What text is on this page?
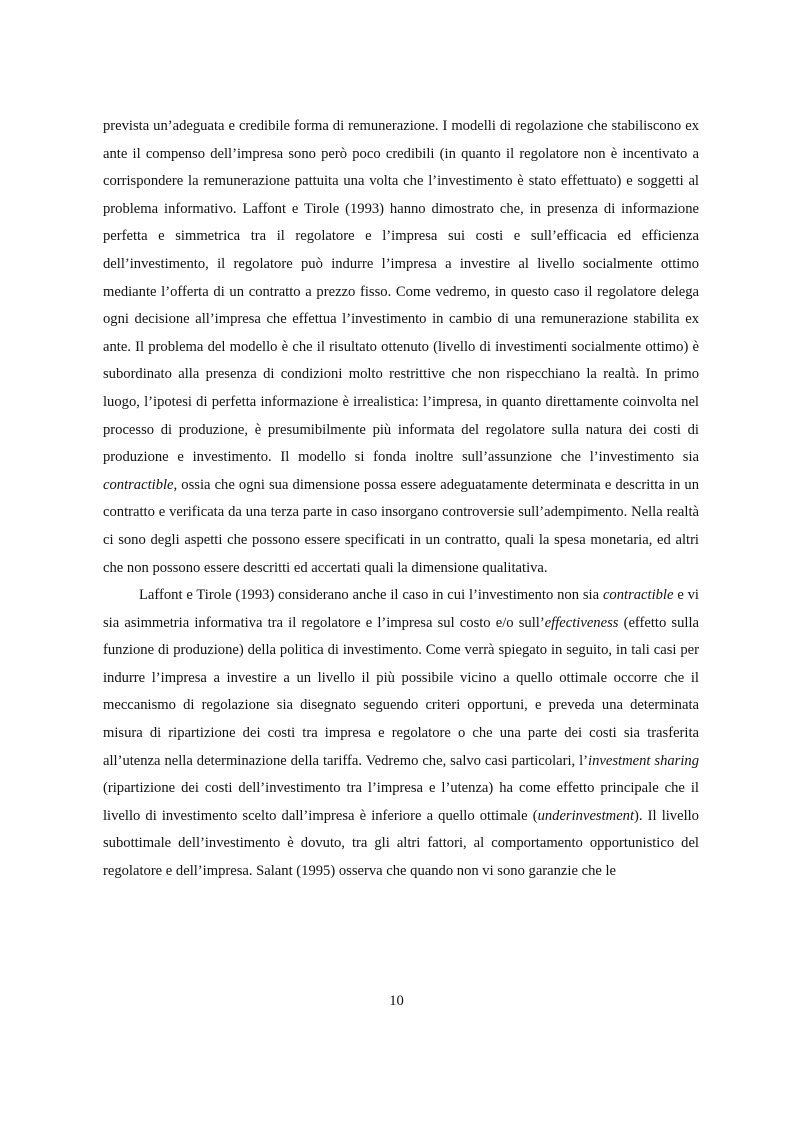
prevista un’adeguata e credibile forma di remunerazione. I modelli di regolazione che stabiliscono ex ante il compenso dell’impresa sono però poco credibili (in quanto il regolatore non è incentivato a corrispondere la remunerazione pattuita una volta che l’investimento è stato effettuato) e soggetti al problema informativo. Laffont e Tirole (1993) hanno dimostrato che, in presenza di informazione perfetta e simmetrica tra il regolatore e l’impresa sui costi e sull’efficacia ed efficienza dell’investimento, il regolatore può indurre l’impresa a investire al livello socialmente ottimo mediante l’offerta di un contratto a prezzo fisso. Come vedremo, in questo caso il regolatore delega ogni decisione all’impresa che effettua l’investimento in cambio di una remunerazione stabilita ex ante. Il problema del modello è che il risultato ottenuto (livello di investimenti socialmente ottimo) è subordinato alla presenza di condizioni molto restrittive che non rispecchiano la realtà. In primo luogo, l’ipotesi di perfetta informazione è irrealistica: l’impresa, in quanto direttamente coinvolta nel processo di produzione, è presumibilmente più informata del regolatore sulla natura dei costi di produzione e investimento. Il modello si fonda inoltre sull’assunzione che l’investimento sia contractible, ossia che ogni sua dimensione possa essere adeguatamente determinata e descritta in un contratto e verificata da una terza parte in caso insorgano controversie sull’adempimento. Nella realtà ci sono degli aspetti che possono essere specificati in un contratto, quali la spesa monetaria, ed altri che non possono essere descritti ed accertati quali la dimensione qualitativa.

Laffont e Tirole (1993) considerano anche il caso in cui l’investimento non sia contractible e vi sia asimmetria informativa tra il regolatore e l’impresa sul costo e/o sull’effectiveness (effetto sulla funzione di produzione) della politica di investimento. Come verrà spiegato in seguito, in tali casi per indurre l’impresa a investire a un livello il più possibile vicino a quello ottimale occorre che il meccanismo di regolazione sia disegnato seguendo criteri opportuni, e preveda una determinata misura di ripartizione dei costi tra impresa e regolatore o che una parte dei costi sia trasferita all’utenza nella determinazione della tariffa. Vedremo che, salvo casi particolari, l’investment sharing (ripartizione dei costi dell’investimento tra l’impresa e l’utenza) ha come effetto principale che il livello di investimento scelto dall’impresa è inferiore a quello ottimale (underinvestment). Il livello subottimale dell’investimento è dovuto, tra gli altri fattori, al comportamento opportunistico del regolatore e dell’impresa. Salant (1995) osserva che quando non vi sono garanzie che le

10
